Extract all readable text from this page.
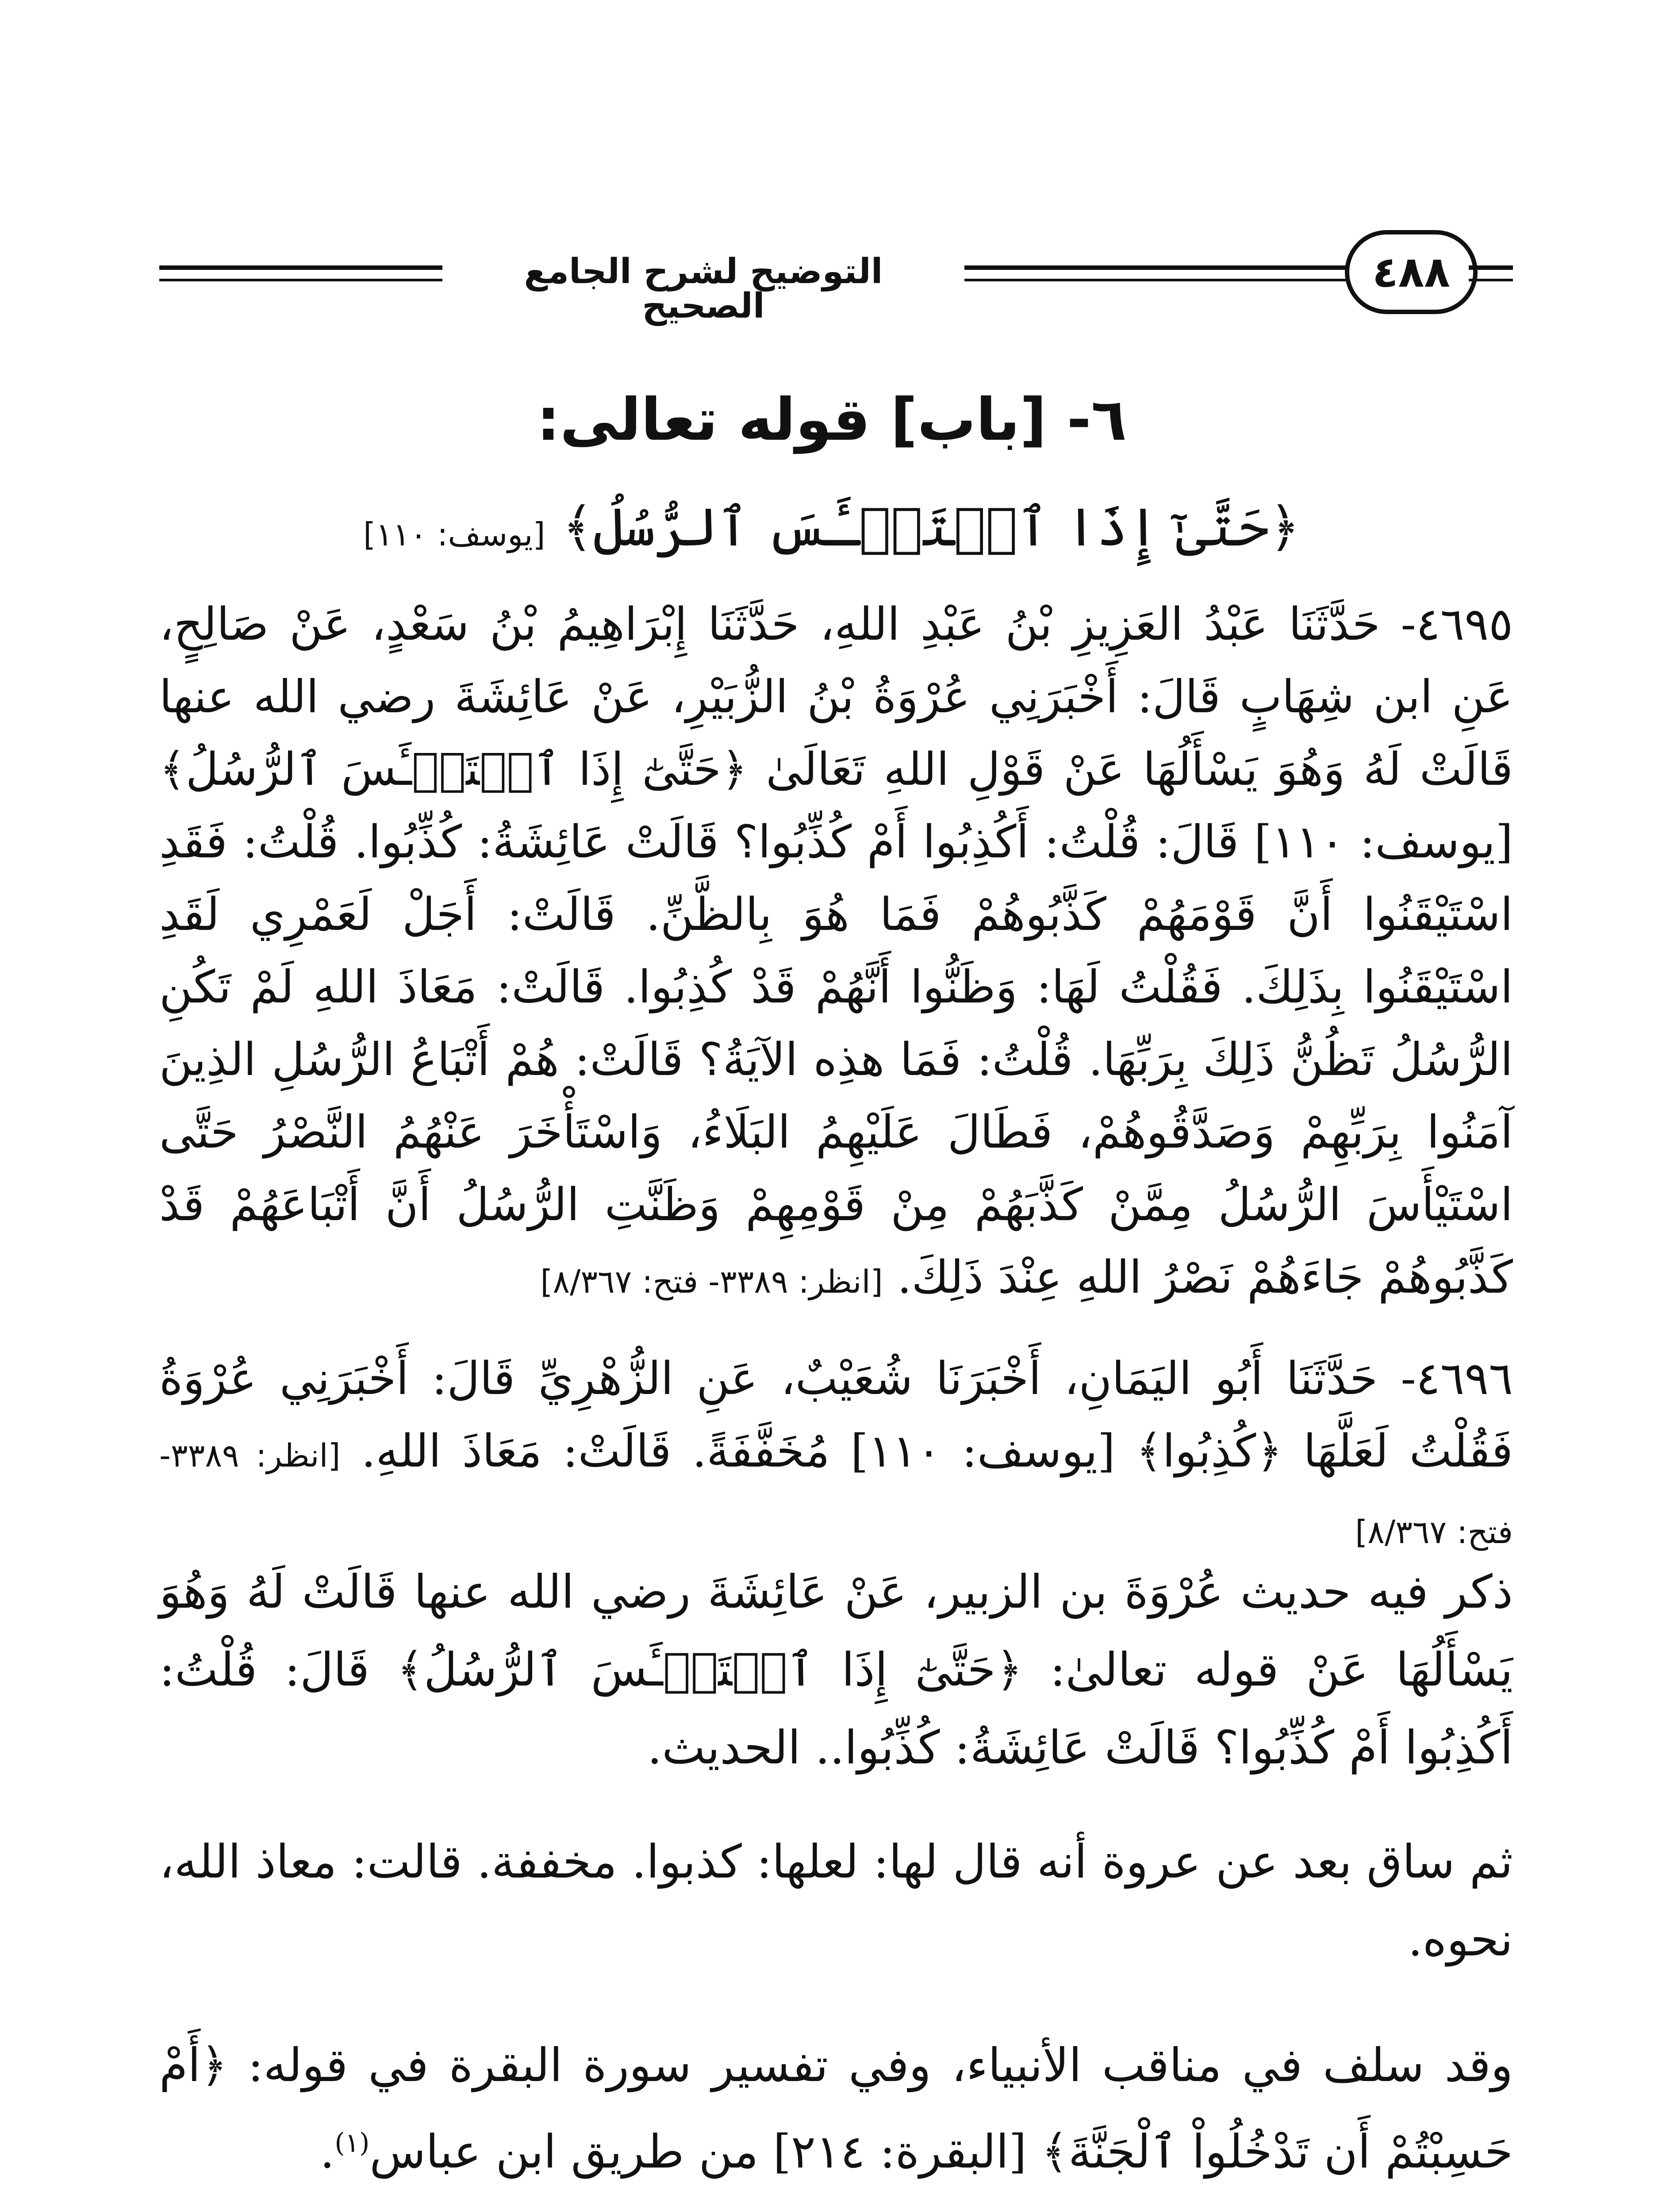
التوضيح لشرح الجامع الصحيح
٤٨٨
٦- [باب] قوله تعالى:
﴿حَتَّىٰٓ إِذَا ٱسۡتَيۡـَٔسَ ٱلرُّسُلُ﴾ [يوسف: ١١٠]
٤٦٩٥- حَدَّثَنَا عَبْدُ العَزِيزِ بْنُ عَبْدِ اللهِ، حَدَّثَنَا إِبْرَاهِيمُ بْنُ سَعْدٍ، عَنْ صَالِحٍ، عَنِ ابن شِهَابٍ قَالَ: أَخْبَرَنِي عُرْوَةُ بْنُ الزُّبَيْرِ، عَنْ عَائِشَةَ رضي الله عنها قَالَتْ لَهُ وَهُوَ يَسْأَلُهَا عَنْ قَوْلِ اللهِ تَعَالَىٰ ﴿حَتَّىٰٓ إِذَا ٱسۡتَيۡـَٔسَ ٱلرُّسُلُ﴾ [يوسف: ١١٠] قَالَ: قُلْتُ: أَكُذِبُوا أَمْ كُذِّبُوا؟ قَالَتْ عَائِشَةُ: كُذِّبُوا. قُلْتُ: فَقَدِ اسْتَيْقَنُوا أَنَّ قَوْمَهُمْ كَذَّبُوهُمْ فَمَا هُوَ بِالظَّنِّ. قَالَتْ: أَجَلْ لَعَمْرِي لَقَدِ اسْتَيْقَنُوا بِذَلِكَ. فَقُلْتُ لَهَا: وَظَنُّوا أَنَّهُمْ قَدْ كُذِبُوا. قَالَتْ: مَعَاذَ اللهِ لَمْ تَكُنِ الرُّسُلُ تَظُنُّ ذَلِكَ بِرَبِّهَا. قُلْتُ: فَمَا هذِه الآيَةُ؟ قَالَتْ: هُمْ أَتْبَاعُ الرُّسُلِ الذِينَ آمَنُوا بِرَبِّهِمْ وَصَدَّقُوهُمْ، فَطَالَ عَلَيْهِمُ البَلَاءُ، وَاسْتَأْخَرَ عَنْهُمُ النَّصْرُ حَتَّى اسْتَيْأَسَ الرُّسُلُ مِمَّنْ كَذَّبَهُمْ مِنْ قَوْمِهِمْ وَظَنَّتِ الرُّسُلُ أَنَّ أَتْبَاعَهُمْ قَدْ كَذَّبُوهُمْ جَاءَهُمْ نَصْرُ اللهِ عِنْدَ ذَلِكَ. [انظر: ٣٣٨٩- فتح: ٨/٣٦٧]
٤٦٩٦- حَدَّثَنَا أَبُو اليَمَانِ، أَخْبَرَنَا شُعَيْبٌ، عَنِ الزُّهْرِيِّ قَالَ: أَخْبَرَنِي عُرْوَةُ فَقُلْتُ لَعَلَّهَا ﴿كُذِبُوا﴾ [يوسف: ١١٠] مُخَفَّفَةً. قَالَتْ: مَعَاذَ اللهِ. [انظر: ٣٣٨٩- فتح: ٨/٣٦٧]

ذكر فيه حديث عُرْوَةَ بن الزبير، عَنْ عَائِشَةَ رضي الله عنها قَالَتْ لَهُ وَهُوَ يَسْأَلُهَا عَنْ قوله تعالىٰ: ﴿حَتَّىٰٓ إِذَا ٱسۡتَيۡـَٔسَ ٱلرُّسُلُ﴾ قَالَ: قُلْتُ: أَكُذِبُوا أَمْ كُذِّبُوا؟ قَالَتْ عَائِشَةُ: كُذِّبُوا.. الحديث.

ثم ساق بعد عن عروة أنه قال لها: لعلها: كذبوا. مخففة. قالت: معاذ الله، نحوه.

وقد سلف في مناقب الأنبياء، وفي تفسير سورة البقرة في قوله: ﴿أَمْ حَسِبْتُمْ أَن تَدْخُلُواْ ٱلْجَنَّةَ﴾ [البقرة: ٢١٤] من طريق ابن عباس$^{(١)}$.
